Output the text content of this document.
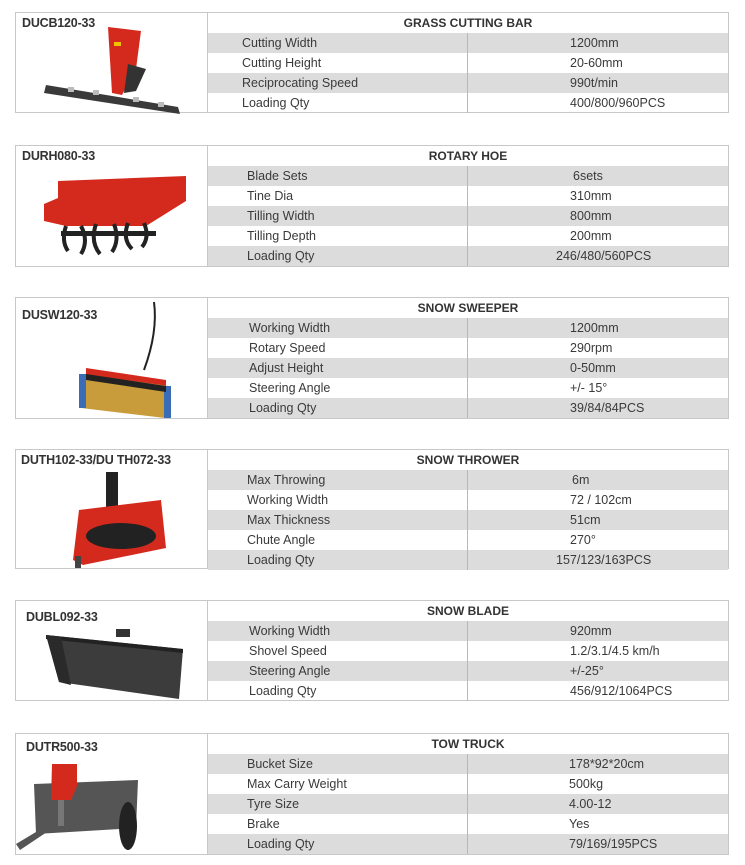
DUCB120-33	GRASS CUTTING BAR
Cutting Width	1200mm
Cutting Height	20-60mm
Reciprocating Speed	990t/min
Loading Qty	400/800/960PCS
DURH080-33	ROTARY HOE
Blade Sets	6sets
Tine Dia	310mm
Tilling Width	800mm
Tilling Depth	200mm
Loading Qty	246/480/560PCS
DUSW120-33	SNOW SWEEPER
Working Width	1200mm
Rotary Speed	290rpm
Adjust Height	0-50mm
Steering Angle	+/- 15°
Loading Qty	39/84/84PCS
DUTH102-33/DU TH072-33	SNOW THROWER
Max Throwing	6m
Working Width	72 / 102cm
Max Thickness	51cm
Chute Angle	270°
Loading Qty	157/123/163PCS
DUBL092-33	SNOW BLADE
Working Width	920mm
Shovel Speed	1.2/3.1/4.5 km/h
Steering Angle	+/-25°
Loading Qty	456/912/1064PCS
DUTR500-33	TOW TRUCK
Bucket Size	178*92*20cm
Max Carry Weight	500kg
Tyre Size	4.00-12
Brake	Yes
Loading Qty	79/169/195PCS
